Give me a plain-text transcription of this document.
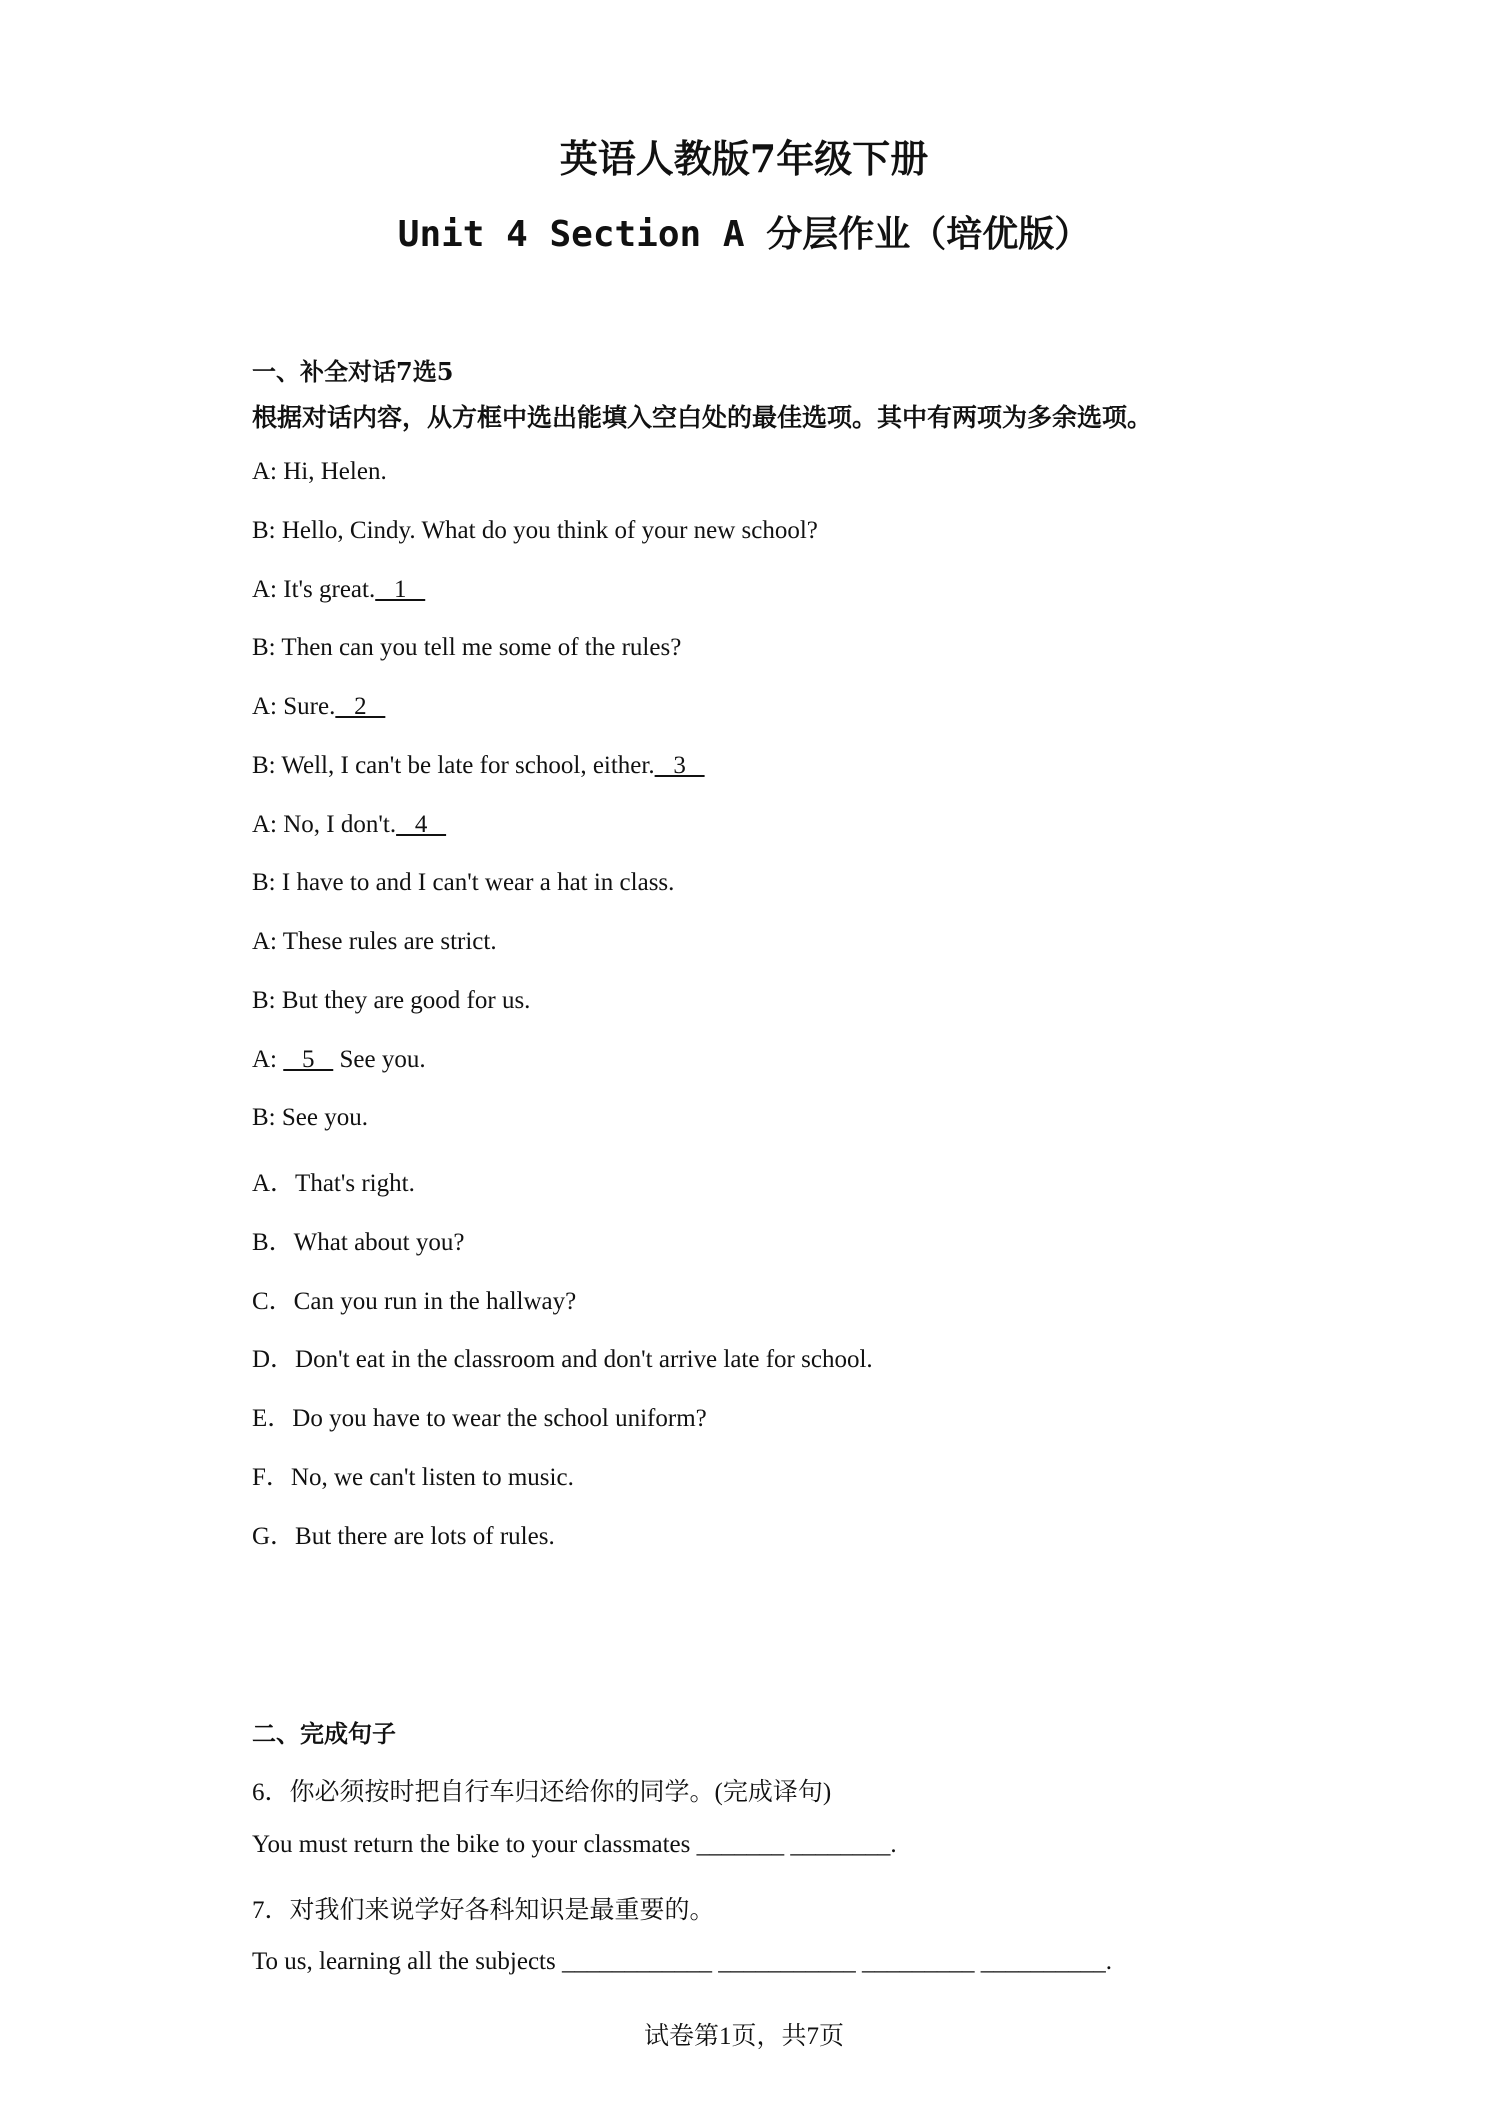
英语人教版7年级下册
Unit 4 Section A 分层作业（培优版）
一、补全对话7选5
根据对话内容，从方框中选出能填入空白处的最佳选项。其中有两项为多余选项。
A: Hi, Helen.
B: Hello, Cindy. What do you think of your new school?
A: It's great.   1
B: Then can you tell me some of the rules?
A: Sure.   2
B: Well, I can't be late for school, either.   3
A: No, I don't.   4
B: I have to and I can't wear a hat in class.
A: These rules are strict.
B: But they are good for us.
A:    5    See you.
B: See you.
A．That's right.
B．What about you?
C．Can you run in the hallway?
D．Don't eat in the classroom and don't arrive late for school.
E．Do you have to wear the school uniform?
F．No, we can't listen to music.
G．But there are lots of rules.
二、完成句子
6．你必须按时把自行车归还给你的同学。(完成译句)
You must return the bike to your classmates _______ ________.
7．对我们来说学好各科知识是最重要的。
To us, learning all the subjects ____________ ___________ _________ __________.
试卷第1页，共7页
